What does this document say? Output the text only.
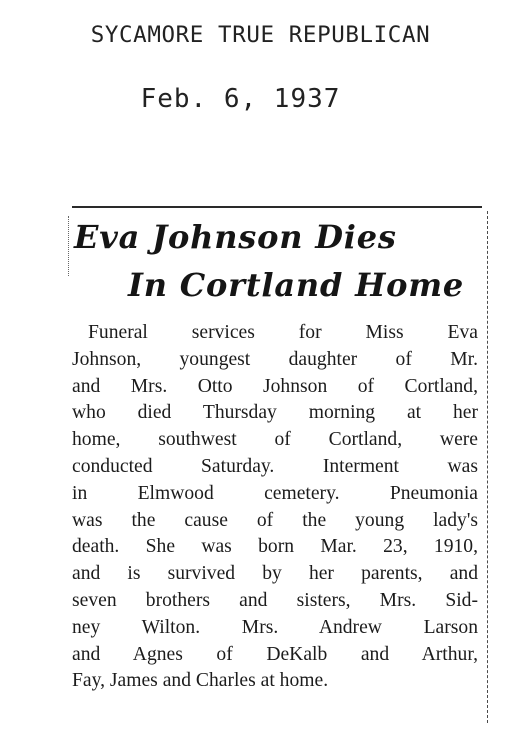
SYCAMORE TRUE REPUBLICAN
Feb. 6, 1937
Eva Johnson Dies
In Cortland Home
Funeral services for Miss Eva
Johnson, youngest daughter of Mr.
and Mrs. Otto Johnson of Cortland,
who died Thursday morning at her
home, southwest of Cortland, were
conducted Saturday. Interment was
in Elmwood cemetery. Pneumonia
was the cause of the young lady's
death. She was born Mar. 23, 1910,
and is survived by her parents, and
seven brothers and sisters, Mrs. Sid-
ney Wilton. Mrs. Andrew Larson
and Agnes of DeKalb and Arthur,
Fay, James and Charles at home.
